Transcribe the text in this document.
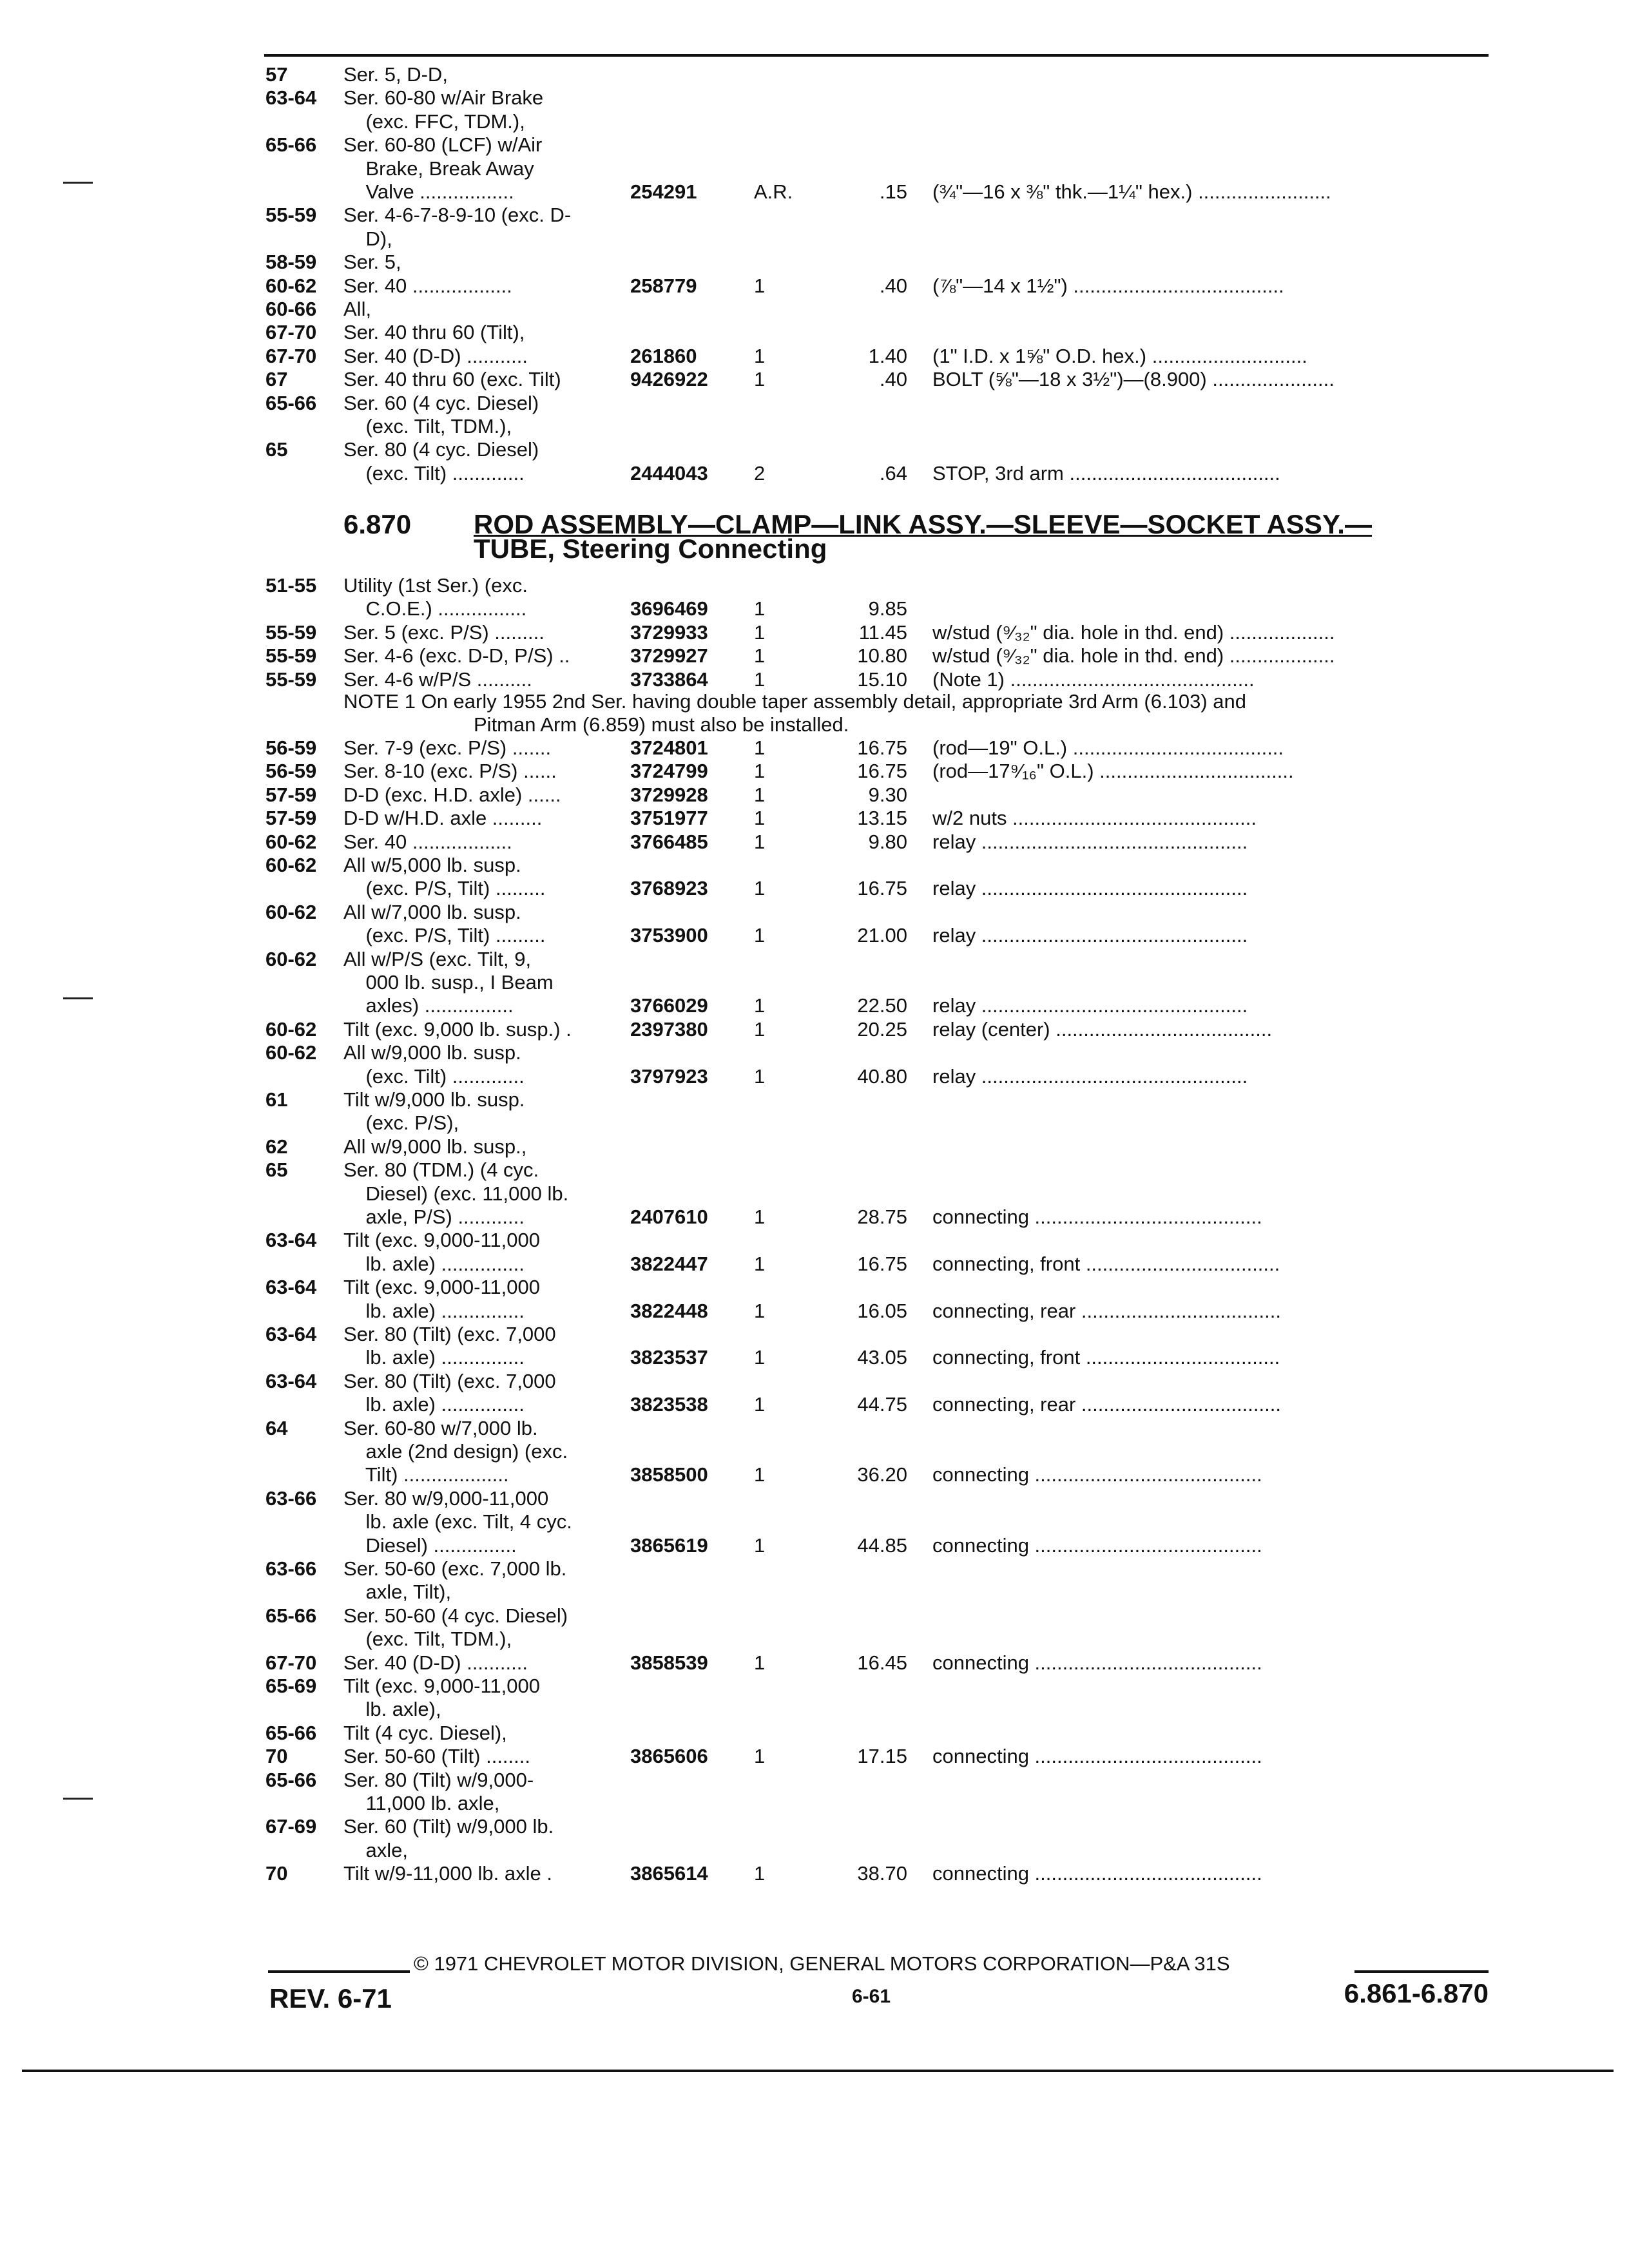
57	Ser. 5, D-D,
63-64 Ser. 60-80 w/Air Brake
(exc. FFC, TDM.),
65-66 Ser. 60-80 (LCF) w/Air
Brake, Break Away
Valve .................	254291	A.R.	.15 (¾"—16 x ⅜" thk.—1¼" hex.) ........................
55-59 Ser. 4-6-7-8-9-10 (exc. D-
D),
58-59 Ser. 5,
60-62 Ser. 40 ..................	258779	1	.40 (⅞"—14 x 1½") ......................................
60-66 All,
67-70 Ser. 40 thru 60 (Tilt),
67-70 Ser. 40 (D-D) ...........	261860	1	1.40 (1" I.D. x 1⅝" O.D. hex.) ............................
67	Ser. 40 thru 60 (exc. Tilt)	9426922 1	.40 BOLT (⅝"—18 x 3½")—(8.900) ......................
65-66 Ser. 60 (4 cyc. Diesel)
(exc. Tilt, TDM.),
65	Ser. 80 (4 cyc. Diesel)
(exc. Tilt) .............	2444043 2	.64 STOP, 3rd arm ......................................
6.870 ROD ASSEMBLY—CLAMP—LINK ASSY.—SLEEVE—SOCKET ASSY.—
TUBE, Steering Connecting
51-55 Utility (1st Ser.) (exc.
C.O.E.) ................	3696469 1	9.85
55-59 Ser. 5 (exc. P/S) .........	3729933 1	11.45 w/stud (⁹⁄₃₂" dia. hole in thd. end) ...................
55-59 Ser. 4-6 (exc. D-D, P/S) ..	3729927 1	10.80 w/stud (⁹⁄₃₂" dia. hole in thd. end) ...................
55-59 Ser. 4-6 w/P/S ..........	3733864 1	15.10 (Note 1) ............................................
NOTE 1 On early 1955 2nd Ser. having double taper assembly detail, appropriate 3rd Arm (6.103) and
Pitman Arm (6.859) must also be installed.
56-59 Ser. 7-9 (exc. P/S) .......	3724801 1	16.75 (rod—19" O.L.) ......................................
56-59 Ser. 8-10 (exc. P/S) ......	3724799 1	16.75 (rod—17⁹⁄₁₆" O.L.) ...................................
57-59 D-D (exc. H.D. axle) ......	3729928 1	9.30
57-59 D-D w/H.D. axle .........	3751977 1	13.15 w/2 nuts ............................................
60-62 Ser. 40 ..................	3766485 1	9.80 relay ................................................
60-62 All w/5,000 lb. susp.
(exc. P/S, Tilt) .........	3768923 1	16.75 relay ................................................
60-62 All w/7,000 lb. susp.
(exc. P/S, Tilt) .........	3753900 1	21.00 relay ................................................
60-62 All w/P/S (exc. Tilt, 9,
000 lb. susp., I Beam
axles) ................	3766029 1	22.50 relay ................................................
60-62 Tilt (exc. 9,000 lb. susp.) .	2397380 1	20.25 relay (center) .......................................
60-62 All w/9,000 lb. susp.
(exc. Tilt) .............	3797923 1	40.80 relay ................................................
61	Tilt w/9,000 lb. susp.
(exc. P/S),
62	All w/9,000 lb. susp.,
65	Ser. 80 (TDM.) (4 cyc.
Diesel) (exc. 11,000 lb.
axle, P/S) ............	2407610 1	28.75 connecting .........................................
63-64 Tilt (exc. 9,000-11,000
lb. axle) ...............	3822447 1	16.75 connecting, front ...................................
63-64 Tilt (exc. 9,000-11,000
lb. axle) ...............	3822448 1	16.05 connecting, rear ....................................
63-64 Ser. 80 (Tilt) (exc. 7,000
lb. axle) ...............	3823537 1	43.05 connecting, front ...................................
63-64 Ser. 80 (Tilt) (exc. 7,000
lb. axle) ...............	3823538 1	44.75 connecting, rear ....................................
64	Ser. 60-80 w/7,000 lb.
axle (2nd design) (exc.
Tilt) ...................	3858500 1	36.20 connecting .........................................
63-66 Ser. 80 w/9,000-11,000
lb. axle (exc. Tilt, 4 cyc.
Diesel) ...............	3865619 1	44.85 connecting .........................................
63-66 Ser. 50-60 (exc. 7,000 lb.
axle, Tilt),
65-66 Ser. 50-60 (4 cyc. Diesel)
(exc. Tilt, TDM.),
67-70 Ser. 40 (D-D) ...........	3858539 1	16.45 connecting .........................................
65-69 Tilt (exc. 9,000-11,000
lb. axle),
65-66 Tilt (4 cyc. Diesel),
70	Ser. 50-60 (Tilt) ........	3865606 1	17.15 connecting .........................................
65-66 Ser. 80 (Tilt) w/9,000-
11,000 lb. axle,
67-69 Ser. 60 (Tilt) w/9,000 lb.
axle,
70	Tilt w/9-11,000 lb. axle .	3865614 1	38.70 connecting .........................................
© 1971 CHEVROLET MOTOR DIVISION, GENERAL MOTORS CORPORATION—P&A 31S
REV. 6-71	6-61	6.861-6.870
